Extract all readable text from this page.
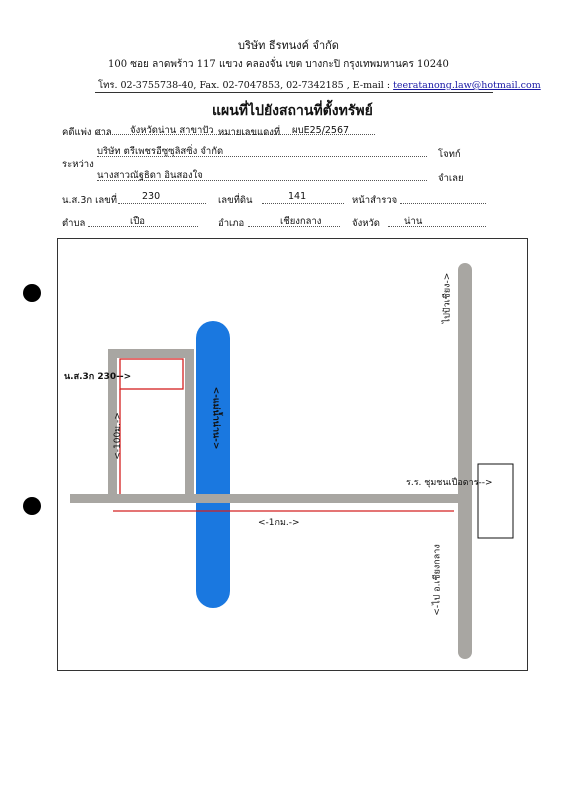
บริษัท ธีรทนงค์ จำกัด
100 ซอย ลาดพร้าว 117 แขวง คลองจั่น เขต บางกะปิ กรุงเทพมหานคร 10240
โทร. 02-3755738-40, Fax. 02-7047853, 02-7342185 , E-mail : teeratanong.law@hotmail.com
แผนที่ไปยังสถานที่ตั้งทรัพย์
คดีแพ่ง ศาล จังหวัดน่าน สาขาปัว หมายเลขแดงที่ ผบE25/2567
ระหว่าง
บริษัท ตรีเพชรอีซูซุลิสซิ่ง จำกัด	โจทก์
นางสาวณัฐธิดา อินสองใจ	จำเลย
น.ส.3ก เลขที่	230	เลขที่ดิน	141	หน้าสำรวจ
ตำบล	เปือ	อำเภอ	เชียงกลาง	จังหวัด	น่าน
น.ส.3ก 230-->
<-100ม.->	<-แม่น้ำน่าน->
<-1กม.->
ร.ร. ชุมชนเปือดาร-->
ไปปัวเชียง->
<-ไป อ.เชียงกลาง
